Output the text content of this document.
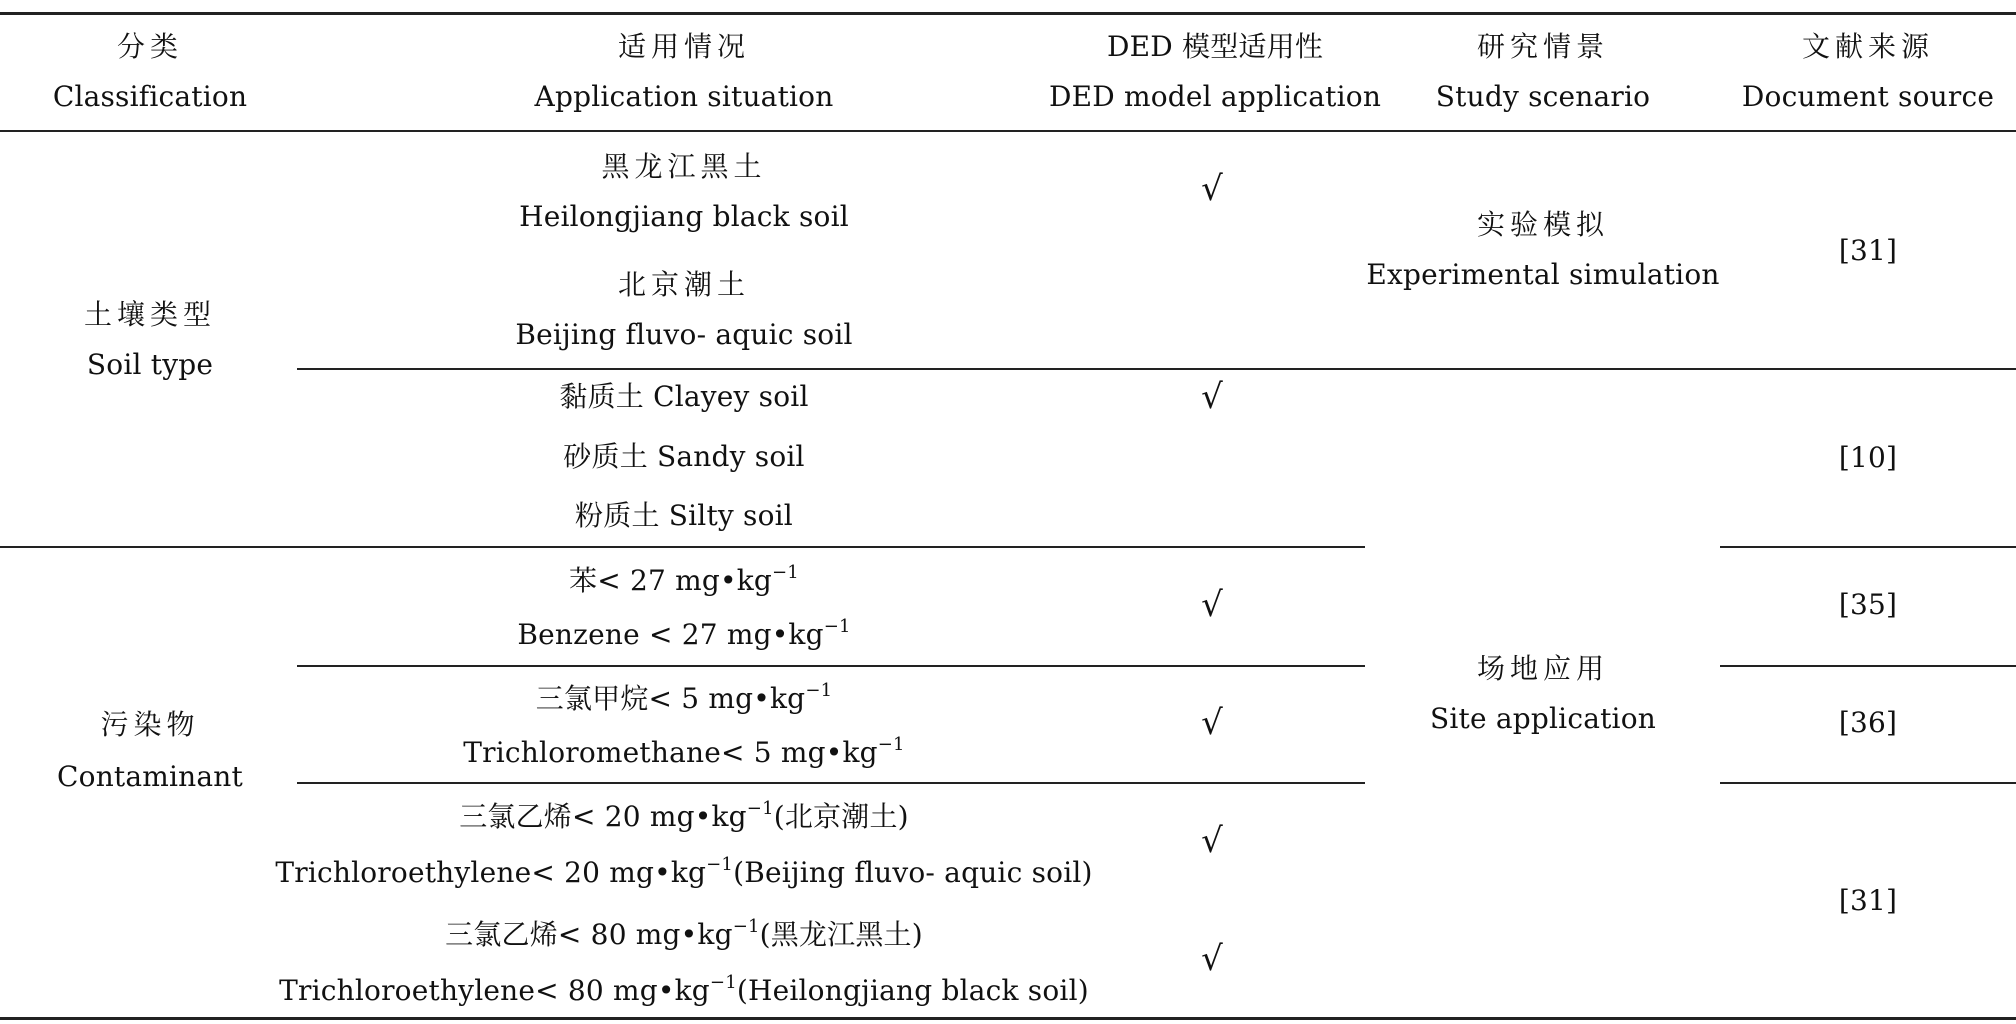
分类
Classification
适用情况
Application situation
DED 模型适用性
DED model application
研究情景
Study scenario
文献来源
Document source
土壤类型
Soil type
黑龙江黑土
Heilongjiang black soil
北京潮土
Beijing fluvo- aquic soil
√
实验模拟
Experimental simulation
[31]
黏质土 Clayey soil
砂质土 Sandy soil
粉质土 Silty soil
√
[10]
场地应用
Site application
污染物
Contaminant
苯< 27 $mg•kg^{-1}$
Benzene < 27 $mg•kg^{-1}$
√	[35]
三氯甲烷< 5 $mg•kg^{-1}$
Trichloromethane< 5 $mg•kg^{-1}$
√	[36]
三氯乙烯< 20 $mg•kg^{-1}$(北京潮土)
Trichloroethylene< 20 $mg•kg^{-1}(Beijing$ fluvo- aquic soil)
√
三氯乙烯< 80 $mg•kg^{-1}$(黑龙江黑土)
Trichloroethylene< 80 $mg•kg^{-1}(Heilongjiang$ black soil)
√
[31]
